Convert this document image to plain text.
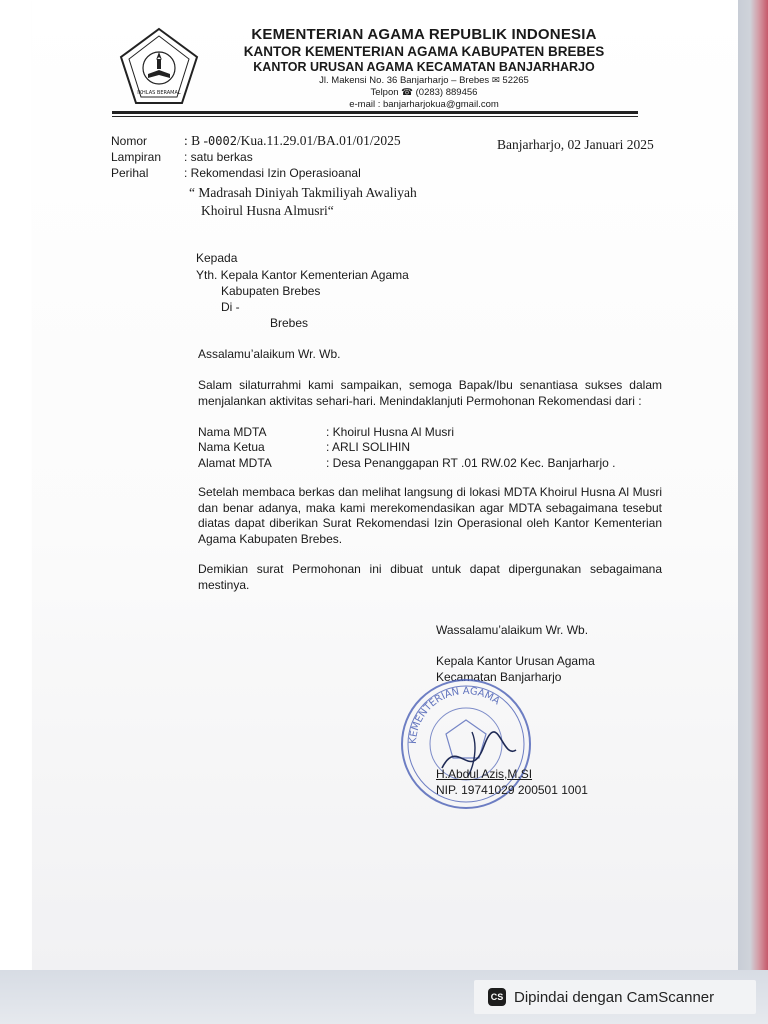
IKHLAS BERAMAL
KEMENTERIAN AGAMA REPUBLIK INDONESIA
KANTOR KEMENTERIAN AGAMA KABUPATEN BREBES
KANTOR URUSAN AGAMA KECAMATAN BANJARHARJO
Jl. Makensi No. 36 Banjarharjo – Brebes ✉ 52265
Telpon ☎ (0283) 889456
e-mail : banjarharjokua@gmail.com
Nomor	: B -0002/Kua.11.29.01/BA.01/01/2025	Banjarharjo, 02 Januari 2025
Lampiran : satu berkas
Perihal	: Rekomendasi Izin Operasioanal
“ Madrasah Diniyah Takmiliyah Awaliyah
Khoirul Husna Almusri“
Kepada
Yth. Kepala Kantor Kementerian Agama
Kabupaten Brebes
Di -
Brebes
Assalamu’alaikum Wr. Wb.
Salam silaturrahmi kami sampaikan, semoga Bapak/Ibu senantiasa sukses dalam menjalankan aktivitas sehari-hari. Menindaklanjuti Permohonan Rekomendasi dari :
Nama MDTA	: Khoirul Husna Al Musri
Nama Ketua	: ARLI SOLIHIN
Alamat MDTA	: Desa Penanggapan RT .01 RW.02 Kec. Banjarharjo .
Setelah membaca berkas dan melihat langsung di lokasi MDTA Khoirul Husna Al Musri dan benar adanya, maka kami merekomendasikan agar MDTA sebagaimana tesebut diatas dapat diberikan Surat Rekomendasi Izin Operasional oleh Kantor Kementerian Agama Kabupaten Brebes.
Demikian surat Permohonan ini dibuat untuk dapat dipergunakan sebagaimana mestinya.
Wassalamu’alaikum Wr. Wb.
Kepala Kantor Urusan Agama
Kecamatan Banjarharjo
KEMENTERIAN AGAMA
H.Abdul Azis,M.SI
NIP. 19741029 200501 1001
CS Dipindai dengan CamScanner
